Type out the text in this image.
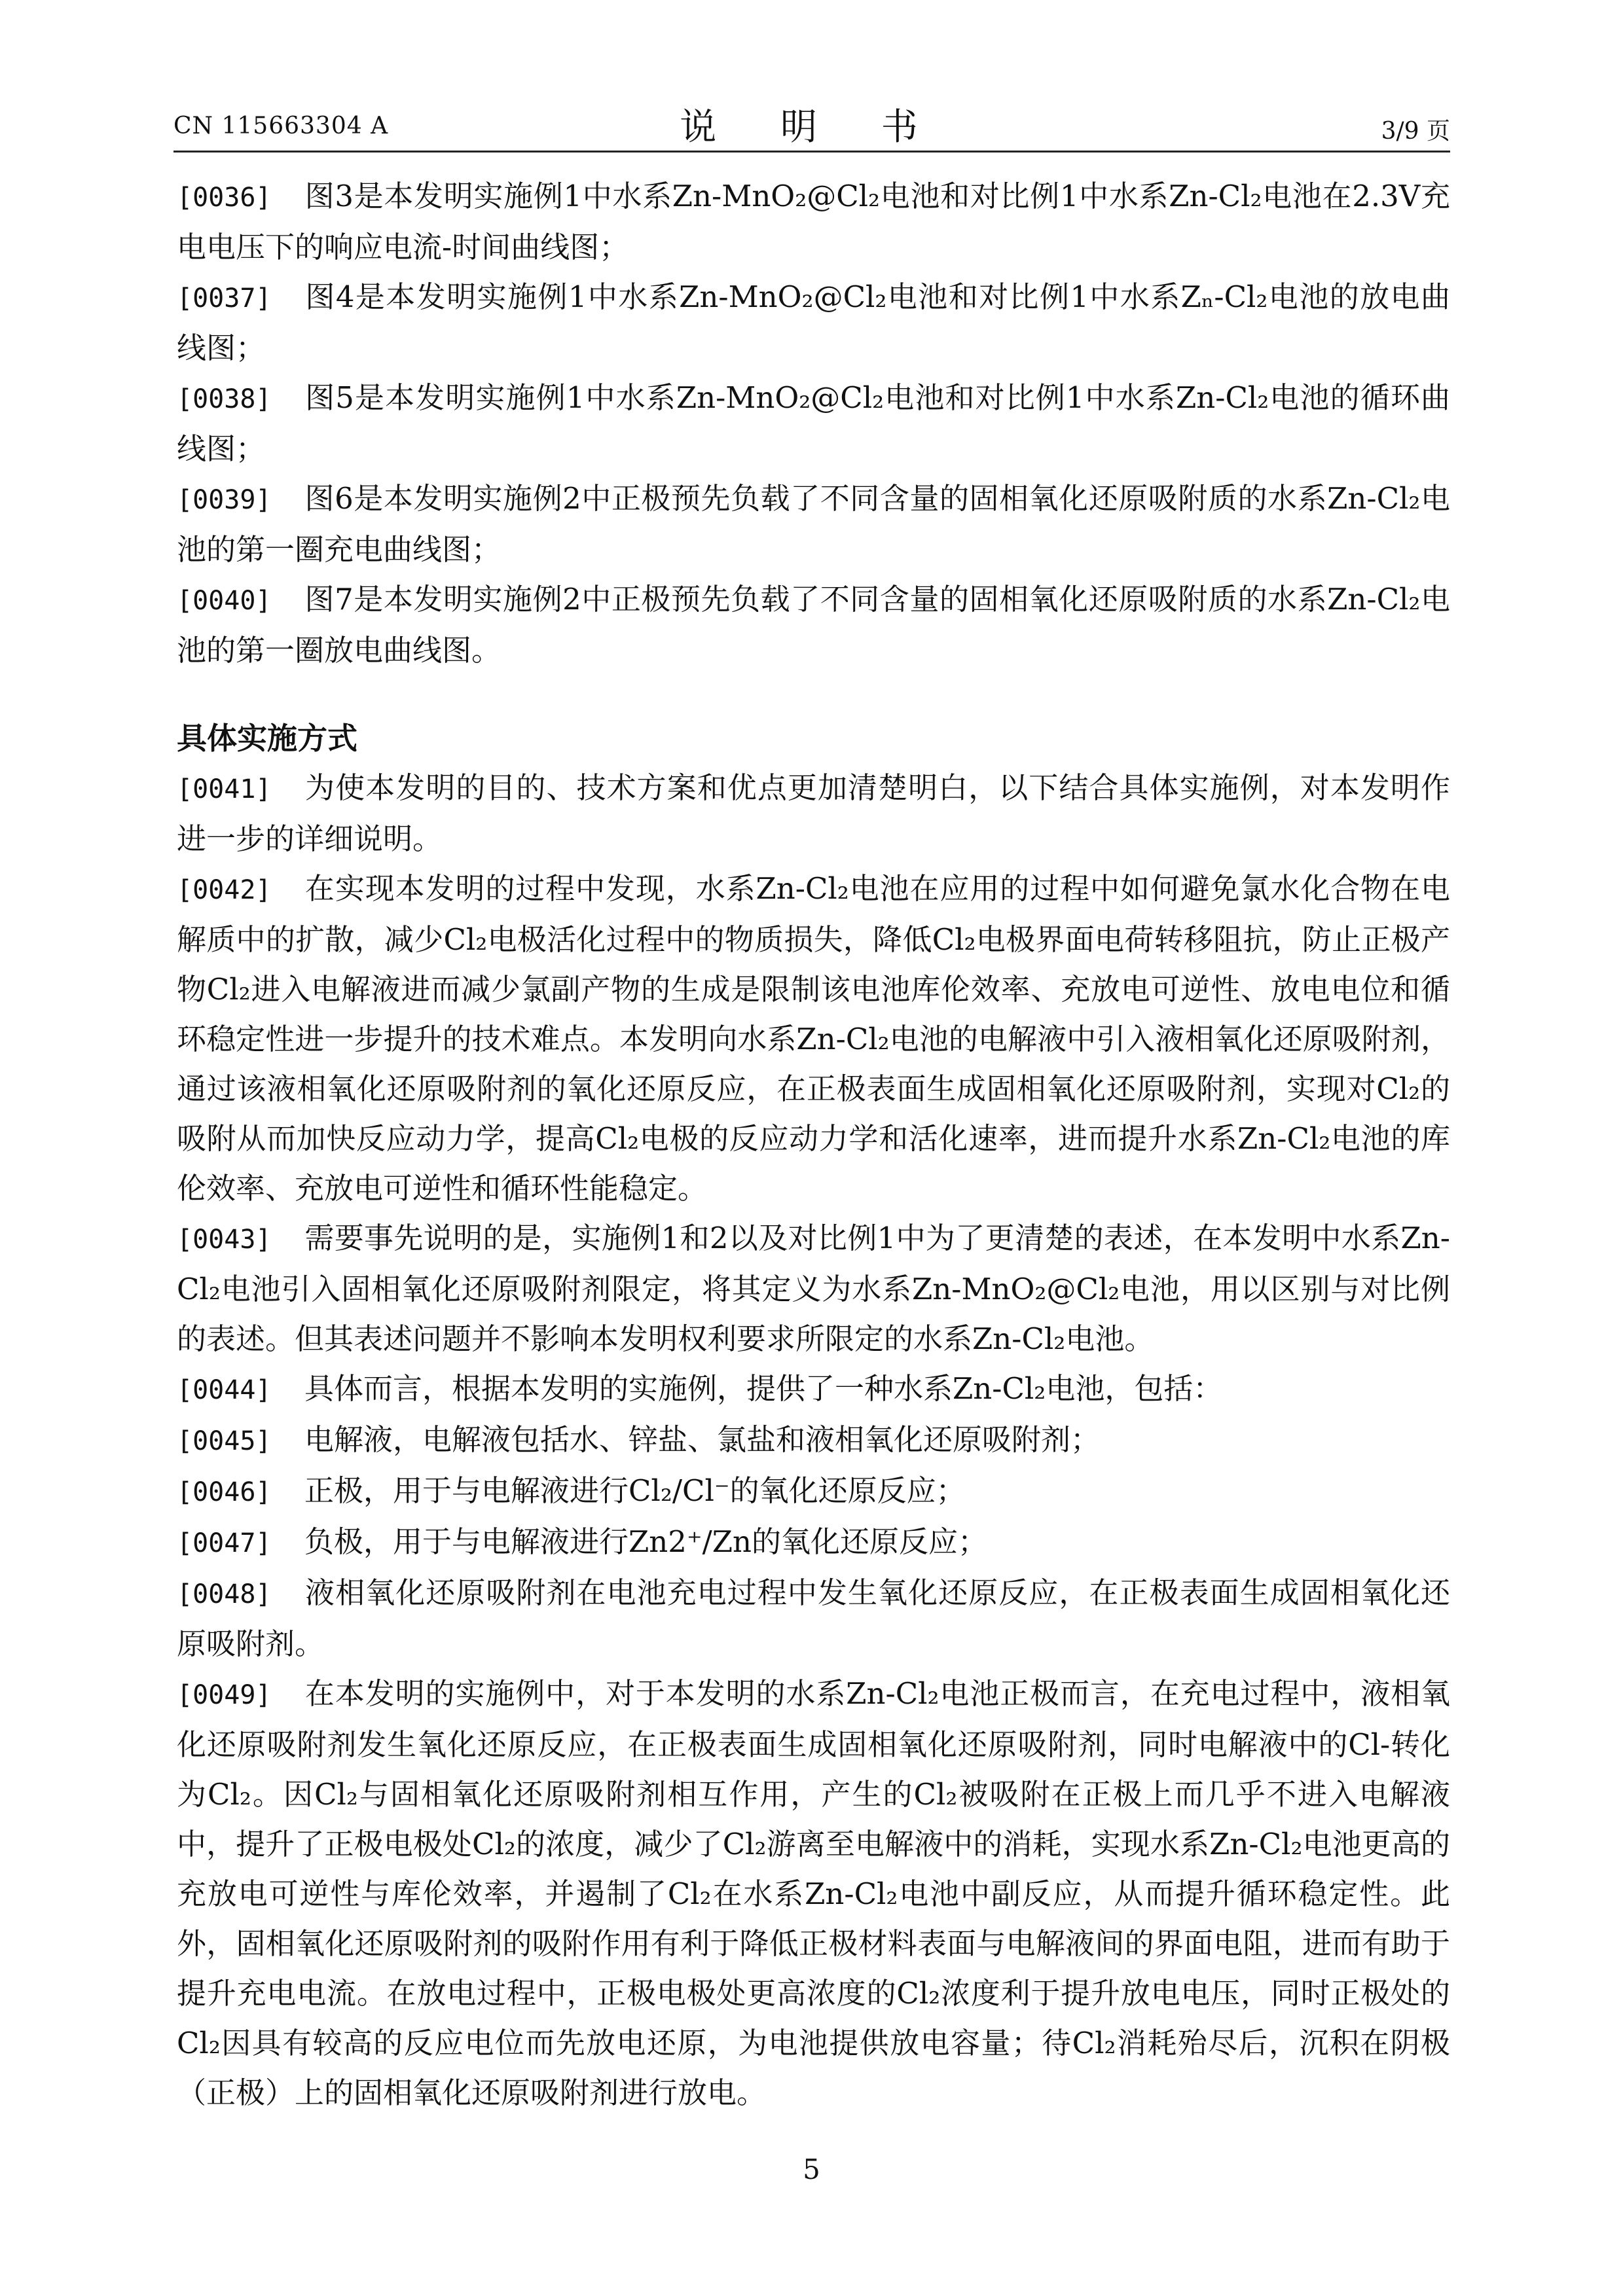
CN 115663304 A	说 明 书	3/9 页

[0036] 图3是本发明实施例1中水系Zn-MnO₂@Cl₂电池和对比例1中水系Zn-Cl₂电池在2.3V充电电压下的响应电流-时间曲线图；

[0037] 图4是本发明实施例1中水系Zn-MnO₂@Cl₂电池和对比例1中水系Zₙ-Cl₂电池的放电曲线图；

[0038] 图5是本发明实施例1中水系Zn-MnO₂@Cl₂电池和对比例1中水系Zn-Cl₂电池的循环曲线图；

[0039] 图6是本发明实施例2中正极预先负载了不同含量的固相氧化还原吸附质的水系Zn-Cl₂电池的第一圈充电曲线图；

[0040] 图7是本发明实施例2中正极预先负载了不同含量的固相氧化还原吸附质的水系Zn-Cl₂电池的第一圈放电曲线图。

具体实施方式

[0041] 为使本发明的目的、技术方案和优点更加清楚明白，以下结合具体实施例，对本发明作进一步的详细说明。

[0042] 在实现本发明的过程中发现，水系Zn-Cl₂电池在应用的过程中如何避免氯水化合物在电解质中的扩散，减少Cl₂电极活化过程中的物质损失，降低Cl₂电极界面电荷转移阻抗，防止正极产物Cl₂进入电解液进而减少氯副产物的生成是限制该电池库伦效率、充放电可逆性、放电电位和循环稳定性进一步提升的技术难点。本发明向水系Zn-Cl₂电池的电解液中引入液相氧化还原吸附剂，通过该液相氧化还原吸附剂的氧化还原反应，在正极表面生成固相氧化还原吸附剂，实现对Cl₂的吸附从而加快反应动力学，提高Cl₂电极的反应动力学和活化速率，进而提升水系Zn-Cl₂电池的库伦效率、充放电可逆性和循环性能稳定。

[0043] 需要事先说明的是，实施例1和2以及对比例1中为了更清楚的表述，在本发明中水系Zn-Cl₂电池引入固相氧化还原吸附剂限定，将其定义为水系Zn-MnO₂@Cl₂电池，用以区别与对比例的表述。但其表述问题并不影响本发明权利要求所限定的水系Zn-Cl₂电池。

[0044] 具体而言，根据本发明的实施例，提供了一种水系Zn-Cl₂电池，包括：

[0045] 电解液，电解液包括水、锌盐、氯盐和液相氧化还原吸附剂；

[0046] 正极，用于与电解液进行Cl₂/Cl⁻的氧化还原反应；

[0047] 负极，用于与电解液进行Zn2⁺/Zn的氧化还原反应；

[0048] 液相氧化还原吸附剂在电池充电过程中发生氧化还原反应，在正极表面生成固相氧化还原吸附剂。

[0049] 在本发明的实施例中，对于本发明的水系Zn-Cl₂电池正极而言，在充电过程中，液相氧化还原吸附剂发生氧化还原反应，在正极表面生成固相氧化还原吸附剂，同时电解液中的Cl-转化为Cl₂。因Cl₂与固相氧化还原吸附剂相互作用，产生的Cl₂被吸附在正极上而几乎不进入电解液中，提升了正极电极处Cl₂的浓度，减少了Cl₂游离至电解液中的消耗，实现水系Zn-Cl₂电池更高的充放电可逆性与库伦效率，并遏制了Cl₂在水系Zn-Cl₂电池中副反应，从而提升循环稳定性。此外，固相氧化还原吸附剂的吸附作用有利于降低正极材料表面与电解液间的界面电阻，进而有助于提升充电电流。在放电过程中，正极电极处更高浓度的Cl₂浓度利于提升放电电压，同时正极处的Cl₂因具有较高的反应电位而先放电还原，为电池提供放电容量；待Cl₂消耗殆尽后，沉积在阴极（正极）上的固相氧化还原吸附剂进行放电。

5
